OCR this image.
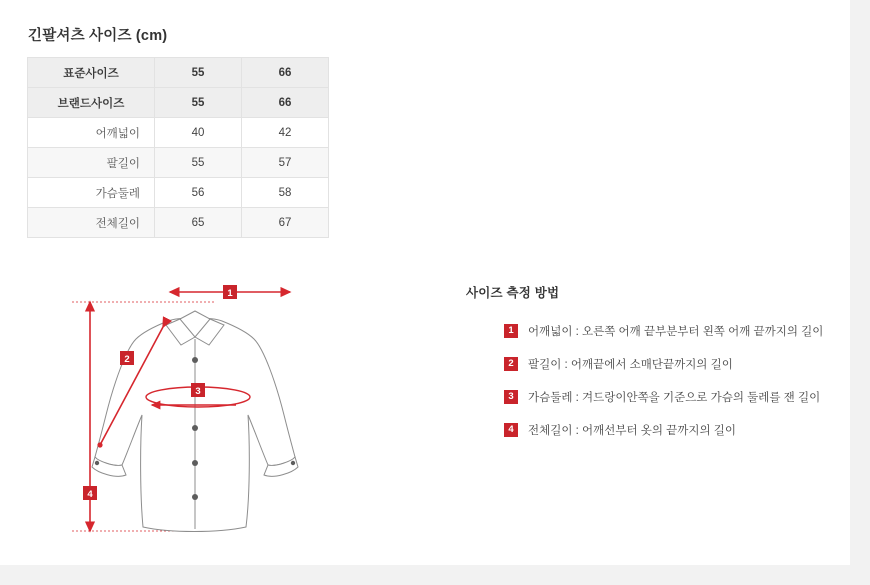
긴팔셔츠 사이즈 (cm)
표준사이즈	55	66
브랜드사이즈	55	66
어깨넓이	40	42
팔길이	55	57
가슴둘레	56	58
전체길이	65	67
1
2
3
4
사이즈 측정 방법
1	어깨넓이 : 오른쪽 어깨 끝부분부터 왼쪽 어깨 끝까지의 길이
2	팔길이 : 어깨끝에서 소매단끝까지의 길이
3	가슴둘레 : 겨드랑이안쪽을 기준으로 가슴의 둘레를 잰 길이
4	전체길이 : 어깨선부터 옷의 끝까지의 길이
